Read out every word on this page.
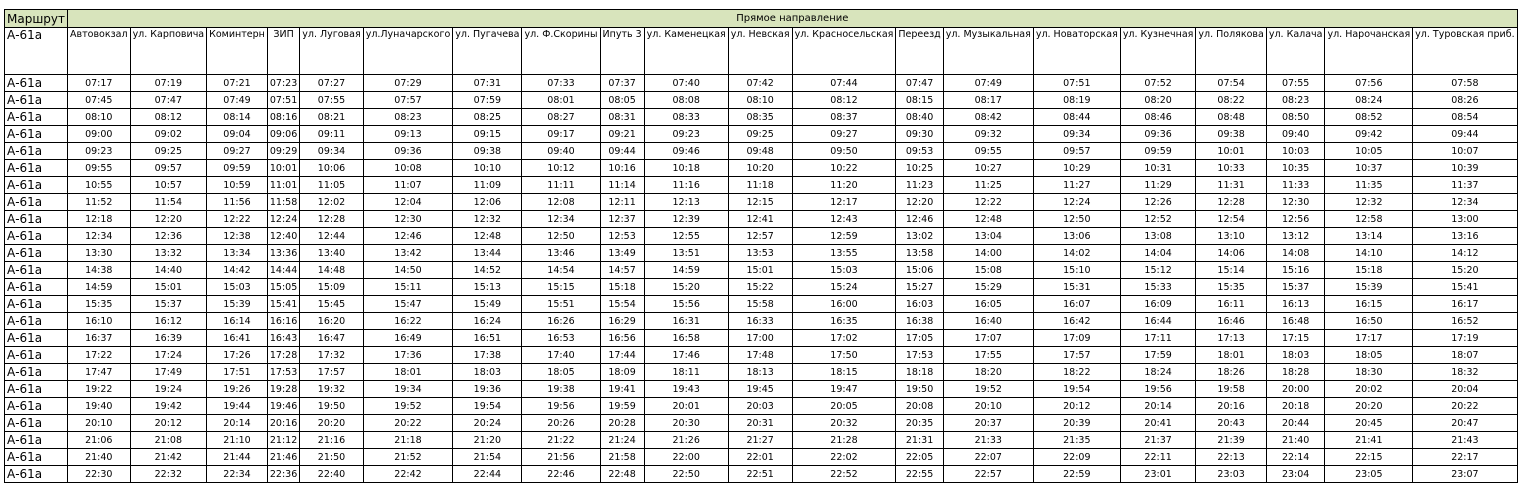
Маршрут	Прямое направление																			
А-61а	Автовокзал	ул. Карповича	Коминтерн	ЗИП	ул. Луговая	ул.Луначарского	ул. Пугачева	ул. Ф.Скорины	Ипуть 3	ул. Каменецкая	ул. Невская	ул. Красносельская	Переезд	ул. Музыкальная	ул. Новаторская	ул. Кузнечная	ул. Полякова	ул. Калача	ул. Нарочанская	ул. Туровская приб.
А-61а	07:17	07:19	07:21	07:23	07:27	07:29	07:31	07:33	07:37	07:40	07:42	07:44	07:47	07:49	07:51	07:52	07:54	07:55	07:56	07:58
А-61а	07:45	07:47	07:49	07:51	07:55	07:57	07:59	08:01	08:05	08:08	08:10	08:12	08:15	08:17	08:19	08:20	08:22	08:23	08:24	08:26
А-61а	08:10	08:12	08:14	08:16	08:21	08:23	08:25	08:27	08:31	08:33	08:35	08:37	08:40	08:42	08:44	08:46	08:48	08:50	08:52	08:54
А-61а	09:00	09:02	09:04	09:06	09:11	09:13	09:15	09:17	09:21	09:23	09:25	09:27	09:30	09:32	09:34	09:36	09:38	09:40	09:42	09:44
А-61а	09:23	09:25	09:27	09:29	09:34	09:36	09:38	09:40	09:44	09:46	09:48	09:50	09:53	09:55	09:57	09:59	10:01	10:03	10:05	10:07
А-61а	09:55	09:57	09:59	10:01	10:06	10:08	10:10	10:12	10:16	10:18	10:20	10:22	10:25	10:27	10:29	10:31	10:33	10:35	10:37	10:39
А-61а	10:55	10:57	10:59	11:01	11:05	11:07	11:09	11:11	11:14	11:16	11:18	11:20	11:23	11:25	11:27	11:29	11:31	11:33	11:35	11:37
А-61а	11:52	11:54	11:56	11:58	12:02	12:04	12:06	12:08	12:11	12:13	12:15	12:17	12:20	12:22	12:24	12:26	12:28	12:30	12:32	12:34
А-61а	12:18	12:20	12:22	12:24	12:28	12:30	12:32	12:34	12:37	12:39	12:41	12:43	12:46	12:48	12:50	12:52	12:54	12:56	12:58	13:00
А-61а	12:34	12:36	12:38	12:40	12:44	12:46	12:48	12:50	12:53	12:55	12:57	12:59	13:02	13:04	13:06	13:08	13:10	13:12	13:14	13:16
А-61а	13:30	13:32	13:34	13:36	13:40	13:42	13:44	13:46	13:49	13:51	13:53	13:55	13:58	14:00	14:02	14:04	14:06	14:08	14:10	14:12
А-61а	14:38	14:40	14:42	14:44	14:48	14:50	14:52	14:54	14:57	14:59	15:01	15:03	15:06	15:08	15:10	15:12	15:14	15:16	15:18	15:20
А-61а	14:59	15:01	15:03	15:05	15:09	15:11	15:13	15:15	15:18	15:20	15:22	15:24	15:27	15:29	15:31	15:33	15:35	15:37	15:39	15:41
А-61а	15:35	15:37	15:39	15:41	15:45	15:47	15:49	15:51	15:54	15:56	15:58	16:00	16:03	16:05	16:07	16:09	16:11	16:13	16:15	16:17
А-61а	16:10	16:12	16:14	16:16	16:20	16:22	16:24	16:26	16:29	16:31	16:33	16:35	16:38	16:40	16:42	16:44	16:46	16:48	16:50	16:52
А-61а	16:37	16:39	16:41	16:43	16:47	16:49	16:51	16:53	16:56	16:58	17:00	17:02	17:05	17:07	17:09	17:11	17:13	17:15	17:17	17:19
А-61а	17:22	17:24	17:26	17:28	17:32	17:36	17:38	17:40	17:44	17:46	17:48	17:50	17:53	17:55	17:57	17:59	18:01	18:03	18:05	18:07
А-61а	17:47	17:49	17:51	17:53	17:57	18:01	18:03	18:05	18:09	18:11	18:13	18:15	18:18	18:20	18:22	18:24	18:26	18:28	18:30	18:32
А-61а	19:22	19:24	19:26	19:28	19:32	19:34	19:36	19:38	19:41	19:43	19:45	19:47	19:50	19:52	19:54	19:56	19:58	20:00	20:02	20:04
А-61а	19:40	19:42	19:44	19:46	19:50	19:52	19:54	19:56	19:59	20:01	20:03	20:05	20:08	20:10	20:12	20:14	20:16	20:18	20:20	20:22
А-61а	20:10	20:12	20:14	20:16	20:20	20:22	20:24	20:26	20:28	20:30	20:31	20:32	20:35	20:37	20:39	20:41	20:43	20:44	20:45	20:47
А-61а	21:06	21:08	21:10	21:12	21:16	21:18	21:20	21:22	21:24	21:26	21:27	21:28	21:31	21:33	21:35	21:37	21:39	21:40	21:41	21:43
А-61а	21:40	21:42	21:44	21:46	21:50	21:52	21:54	21:56	21:58	22:00	22:01	22:02	22:05	22:07	22:09	22:11	22:13	22:14	22:15	22:17
А-61а	22:30	22:32	22:34	22:36	22:40	22:42	22:44	22:46	22:48	22:50	22:51	22:52	22:55	22:57	22:59	23:01	23:03	23:04	23:05	23:07
